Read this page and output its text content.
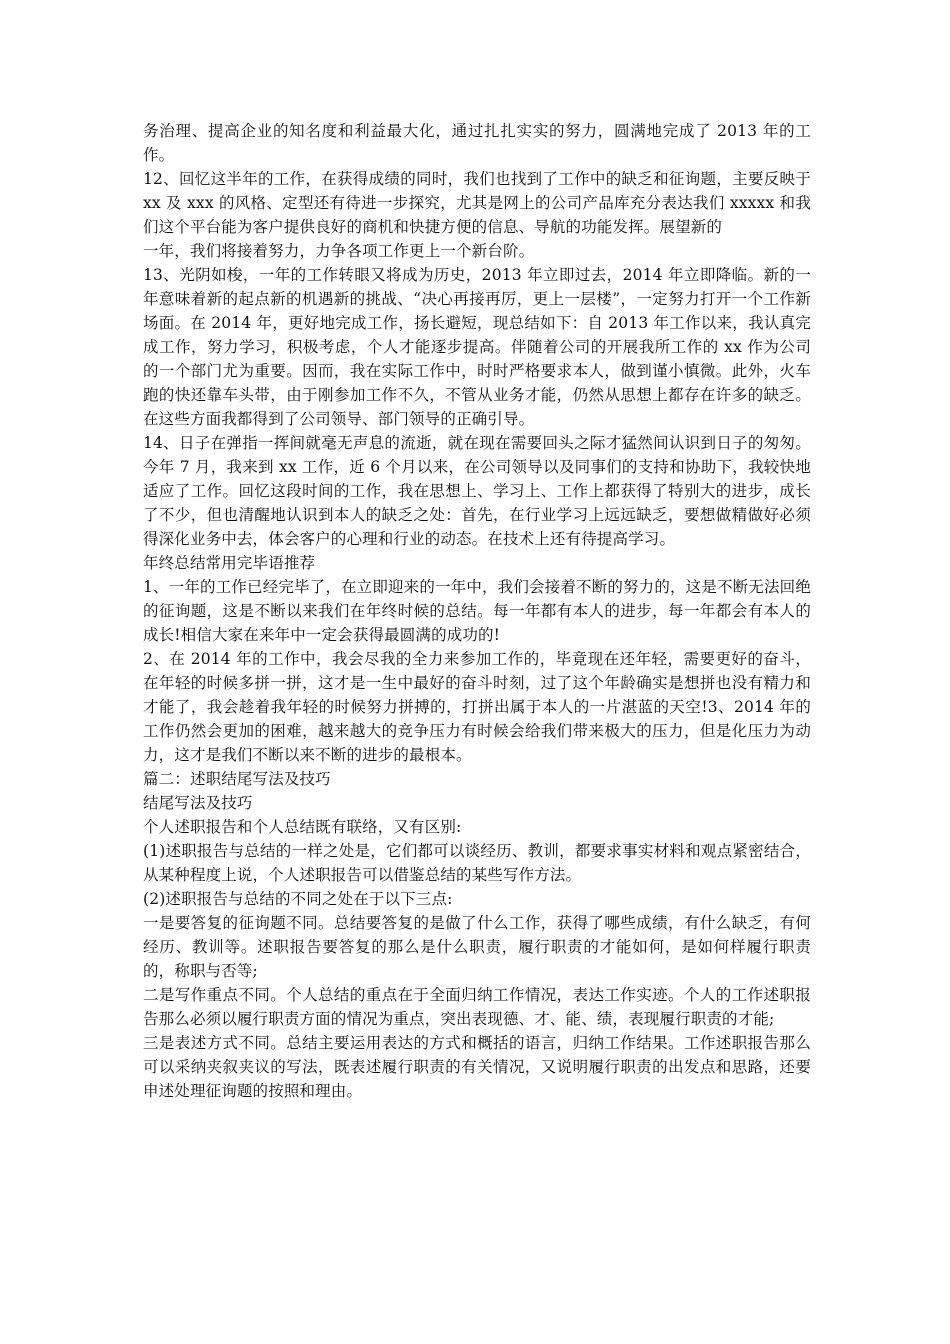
务治理、提高企业的知名度和利益最大化，通过扎扎实实的努力，圆满地完成了 2013 年的工作。

12、回忆这半年的工作，在获得成绩的同时，我们也找到了工作中的缺乏和征询题，主要反映于 xx 及 xxx 的风格、定型还有待进一步探究，尤其是网上的公司产品库充分表达我们 xxxxx 和我们这个平台能为客户提供良好的商机和快捷方便的信息、导航的功能发挥。展望新的

一年，我们将接着努力，力争各项工作更上一个新台阶。

13、光阴如梭，一年的工作转眼又将成为历史，2013 年立即过去，2014 年立即降临。新的一年意味着新的起点新的机遇新的挑战、“决心再接再厉，更上一层楼”，一定努力打开一个工作新场面。在 2014 年，更好地完成工作，扬长避短，现总结如下：自 2013 年工作以来，我认真完成工作，努力学习，积极考虑，个人才能逐步提高。伴随着公司的开展我所工作的 xx 作为公司的一个部门尤为重要。因而，我在实际工作中，时时严格要求本人，做到谨小慎微。此外，火车跑的快还靠车头带，由于刚参加工作不久，不管从业务才能，仍然从思想上都存在许多的缺乏。在这些方面我都得到了公司领导、部门领导的正确引导。

14、日子在弹指一挥间就毫无声息的流逝，就在现在需要回头之际才猛然间认识到日子的匆匆。今年 7 月，我来到 xx 工作，近 6 个月以来，在公司领导以及同事们的支持和协助下，我较快地适应了工作。回忆这段时间的工作，我在思想上、学习上、工作上都获得了特别大的进步，成长了不少，但也清醒地认识到本人的缺乏之处：首先，在行业学习上远远缺乏，要想做精做好必须得深化业务中去，体会客户的心理和行业的动态。在技术上还有待提高学习。

年终总结常用完毕语推荐

1、一年的工作已经完毕了，在立即迎来的一年中，我们会接着不断的努力的，这是不断无法回绝的征询题，这是不断以来我们在年终时候的总结。每一年都有本人的进步，每一年都会有本人的成长!相信大家在来年中一定会获得最圆满的成功的!

2、在 2014 年的工作中，我会尽我的全力来参加工作的，毕竟现在还年轻，需要更好的奋斗，在年轻的时候多拼一拼，这才是一生中最好的奋斗时刻，过了这个年龄确实是想拼也没有精力和才能了，我会趁着我年轻的时候努力拼搏的，打拼出属于本人的一片湛蓝的天空!3、2014 年的工作仍然会更加的困难，越来越大的竞争压力有时候会给我们带来极大的压力，但是化压力为动力，这才是我们不断以来不断的进步的最根本。

篇二：述职结尾写法及技巧

结尾写法及技巧

个人述职报告和个人总结既有联络，又有区别:

(1)述职报告与总结的一样之处是，它们都可以谈经历、教训，都要求事实材料和观点紧密结合，从某种程度上说，个人述职报告可以借鉴总结的某些写作方法。

(2)述职报告与总结的不同之处在于以下三点:

一是要答复的征询题不同。总结要答复的是做了什么工作，获得了哪些成绩，有什么缺乏，有何经历、教训等。述职报告要答复的那么是什么职责，履行职责的才能如何，是如何样履行职责的，称职与否等;

二是写作重点不同。个人总结的重点在于全面归纳工作情况，表达工作实迹。个人的工作述职报告那么必须以履行职责方面的情况为重点，突出表现德、才、能、绩，表现履行职责的才能;

三是表述方式不同。总结主要运用表达的方式和概括的语言，归纳工作结果。工作述职报告那么可以采纳夹叙夹议的写法，既表述履行职责的有关情况，又说明履行职责的出发点和思路，还要申述处理征询题的按照和理由。
